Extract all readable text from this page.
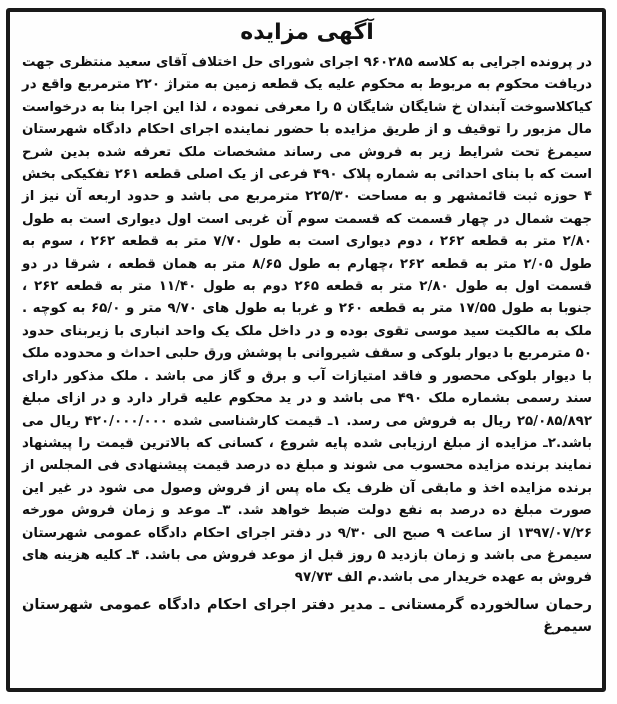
آگهی مزایده

در پرونده اجرایی به کلاسه ۹۶۰۲۸۵ اجرای شورای حل اختلاف آقای سعید منتظری جهت دریافت محکوم به مربوط به محکوم علیه یک قطعه زمین به متراژ ۲۲۰ مترمربع واقع در کیاکلاسوخت آبندان خ شایگان شایگان ۵ را معرفی نموده ، لذا این اجرا بنا به درخواست مال مزبور را توقیف و از طریق مزایده با حضور نماینده اجرای احکام دادگاه شهرستان سیمرغ تحت شرایط زیر به فروش می رساند مشخصات ملک تعرفه شده بدین شرح است که با بنای احداثی به شماره پلاک ۴۹۰ فرعی از یک اصلی قطعه ۲۶۱ تفکیکی بخش ۴ حوزه ثبت قائمشهر و به مساحت ۲۲۵/۳۰ مترمربع می باشد و حدود اربعه آن نیز از جهت شمال در چهار قسمت که قسمت سوم آن غربی است اول دیواری است به طول ۲/۸۰ متر به قطعه ۲۶۲ ، دوم دیواری است به طول ۷/۷۰ متر به قطعه ۲۶۲ ، سوم به طول ۲/۰۵ متر به قطعه ۲۶۲ ،چهارم به طول ۸/۶۵ متر به همان قطعه ، شرقا در دو قسمت اول به طول ۲/۸۰ متر به قطعه ۲۶۵ دوم به طول ۱۱/۴۰ متر به قطعه ۲۶۲ ، جنوبا به طول ۱۷/۵۵ متر به قطعه ۲۶۰ و غربا به طول های ۹/۷۰ متر و ۶۵/۰ به کوچه . ملک به مالکیت سید موسی تقوی بوده و در داخل ملک یک واحد انباری با زیربنای حدود ۵۰ مترمربع با دیوار بلوکی و سقف شیروانی با پوشش ورق حلبی احداث و محدوده ملک با دیوار بلوکی محصور و فاقد امتیازات آب و برق و گاز می باشد . ملک مذکور دارای سند رسمی بشماره ملک ۴۹۰ می باشد و در ید محکوم علیه قرار دارد و در ازای مبلغ ۲۵/۰۸۵/۸۹۲ ریال به فروش می رسد. ۱ـ قیمت کارشناسی شده ۴۲۰/۰۰۰/۰۰۰ ریال می باشد.۲ـ مزایده از مبلغ ارزیابی شده پایه شروع ، کسانی که بالاترین قیمت را پیشنهاد نمایند برنده مزایده محسوب می شوند و مبلغ ده درصد قیمت پیشنهادی فی المجلس از برنده مزایده اخذ و مابقی آن ظرف یک ماه پس از فروش وصول می شود در غیر این صورت مبلغ ده درصد به نفع دولت ضبط خواهد شد. ۳ـ موعد و زمان فروش مورخه ۱۳۹۷/۰۷/۲۶ از ساعت ۹ صبح الی ۹/۳۰ در دفتر اجرای احکام دادگاه عمومی شهرستان سیمرغ می باشد و زمان بازدید ۵ روز قبل از موعد فروش می باشد. ۴ـ کلیه هزینه های فروش به عهده خریدار می باشد.م الف ۹۷/۷۳

رحمان سالخورده گرمستانی ـ مدیر دفتر اجرای احکام دادگاه عمومی شهرستان سیمرغ
